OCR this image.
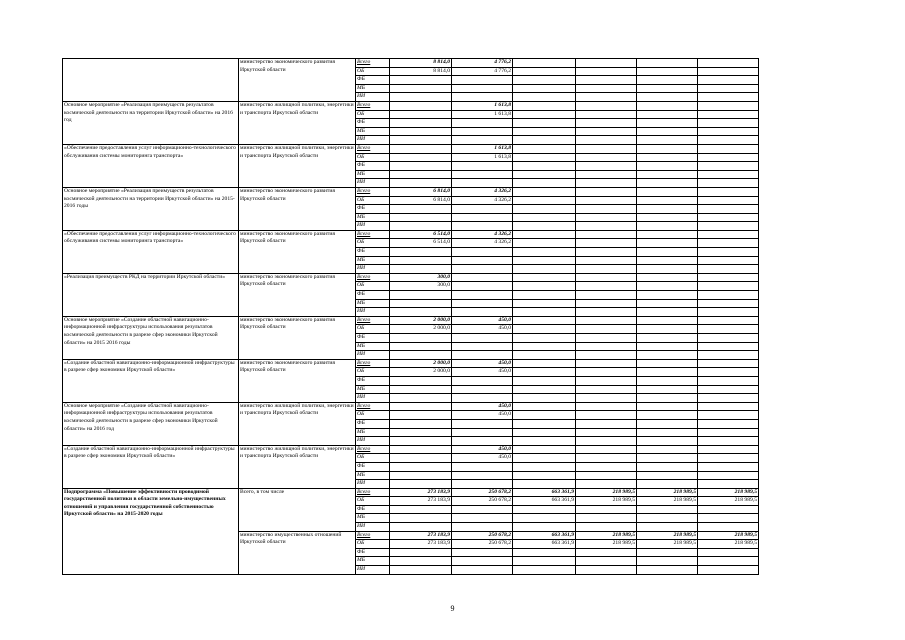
	министерство экономического развития Иркутской области	Всего	8 814,0	4 776,2				
		ОБ	8 814,0	4 776,2				
		ФБ						
		МБ						
		ИИ						
Основное мероприятие «Реализация преимуществ результатов космической деятельности на территории Иркутской области» на 2016 год	министерство жилищной политики, энергетики и транспорта Иркутской области	Всего		1 613,8				
		ОБ		1 613,8				
		ФБ						
		МБ						
		ИИ						
«Обеспечение предоставления услуг информационно-технологического обслуживания системы мониторинга транспорта»	министерство жилищной политики, энергетики и транспорта Иркутской области	Всего		1 613,8				
		ОБ		1 613,8				
		ФБ						
		МБ						
		ИИ						
Основное мероприятие «Реализация преимуществ результатов космической деятельности на территории Иркутской области» на 2015-2016 годы	министерство экономического развития Иркутской области	Всего	6 814,0	4 326,2				
		ОБ	6 814,0	4 326,2				
		ФБ						
		МБ						
		ИИ						
«Обеспечение предоставления услуг информационно-технологического обслуживания системы мониторинга транспорта»	министерство экономического развития Иркутской области	Всего	6 514,0	4 326,2				
		ОБ	6 514,0	4 326,2				
		ФБ						
		МБ						
		ИИ						
«Реализация преимуществ РКД на территории Иркутской области»	министерство экономического развития Иркутской области	Всего	300,0					
		ОБ	300,0					
		ФБ						
		МБ						
		ИИ						
Основное мероприятие «Создание областной навигационно-информационной инфраструктуры использования результатов космической деятельности в разрезе сфер экономики Иркутской области» на 2015 2016 годы	министерство экономического развития Иркутской области	Всего	2 000,0	450,0				
		ОБ	2 000,0	450,0				
		ФБ						
		МБ						
		ИИ						
«Создание областной навигационно-информационной инфраструктуры в разрезе сфер экономики Иркутской области»	министерство экономического развития Иркутской области	Всего	2 000,0	450,0				
		ОБ	2 000,0	450,0				
		ФБ						
		МБ						
		ИИ						
Основное мероприятие «Создание областной навигационно-информационной инфраструктуры использования результатов космической деятельности в разрезе сфер экономики Иркутской области» на 2016 год	министерство жилищной политики, энергетики и транспорта Иркутской области	Всего		450,0				
		ОБ		450,0				
		ФБ						
		МБ						
		ИИ						
«Создание областной навигационно-информационной инфраструктуры в разрезе сфер экономики Иркутской области»	министерство жилищной политики, энергетики и транспорта Иркутской области	Всего		450,0				
		ОБ		450,0				
		ФБ						
		МБ						
		ИИ						
Подпрограмма «Повышение эффективности проводимой государственной политики в области земельно-имущественных отношений и управления государственной собственностью Иркутской области» на 2015-2020 годы	Всего, в том числе	Всего	273 183,9	250 678,2	663 361,9	218 989,5	218 989,5	218 989,5
		ОБ	273 183,9	250 678,2	663 361,9	218 989,5	218 989,5	218 989,5
		ФБ						
		МБ						
		ИИ						
	министерство имущественных отношений Иркутской области	Всего	273 183,9	250 678,2	663 361,9	218 989,5	218 989,5	218 989,5
		ОБ	273 183,9	250 678,2	663 361,9	218 989,5	218 989,5	218 989,5
		ФБ						
		МБ						
		ИИ						
9
